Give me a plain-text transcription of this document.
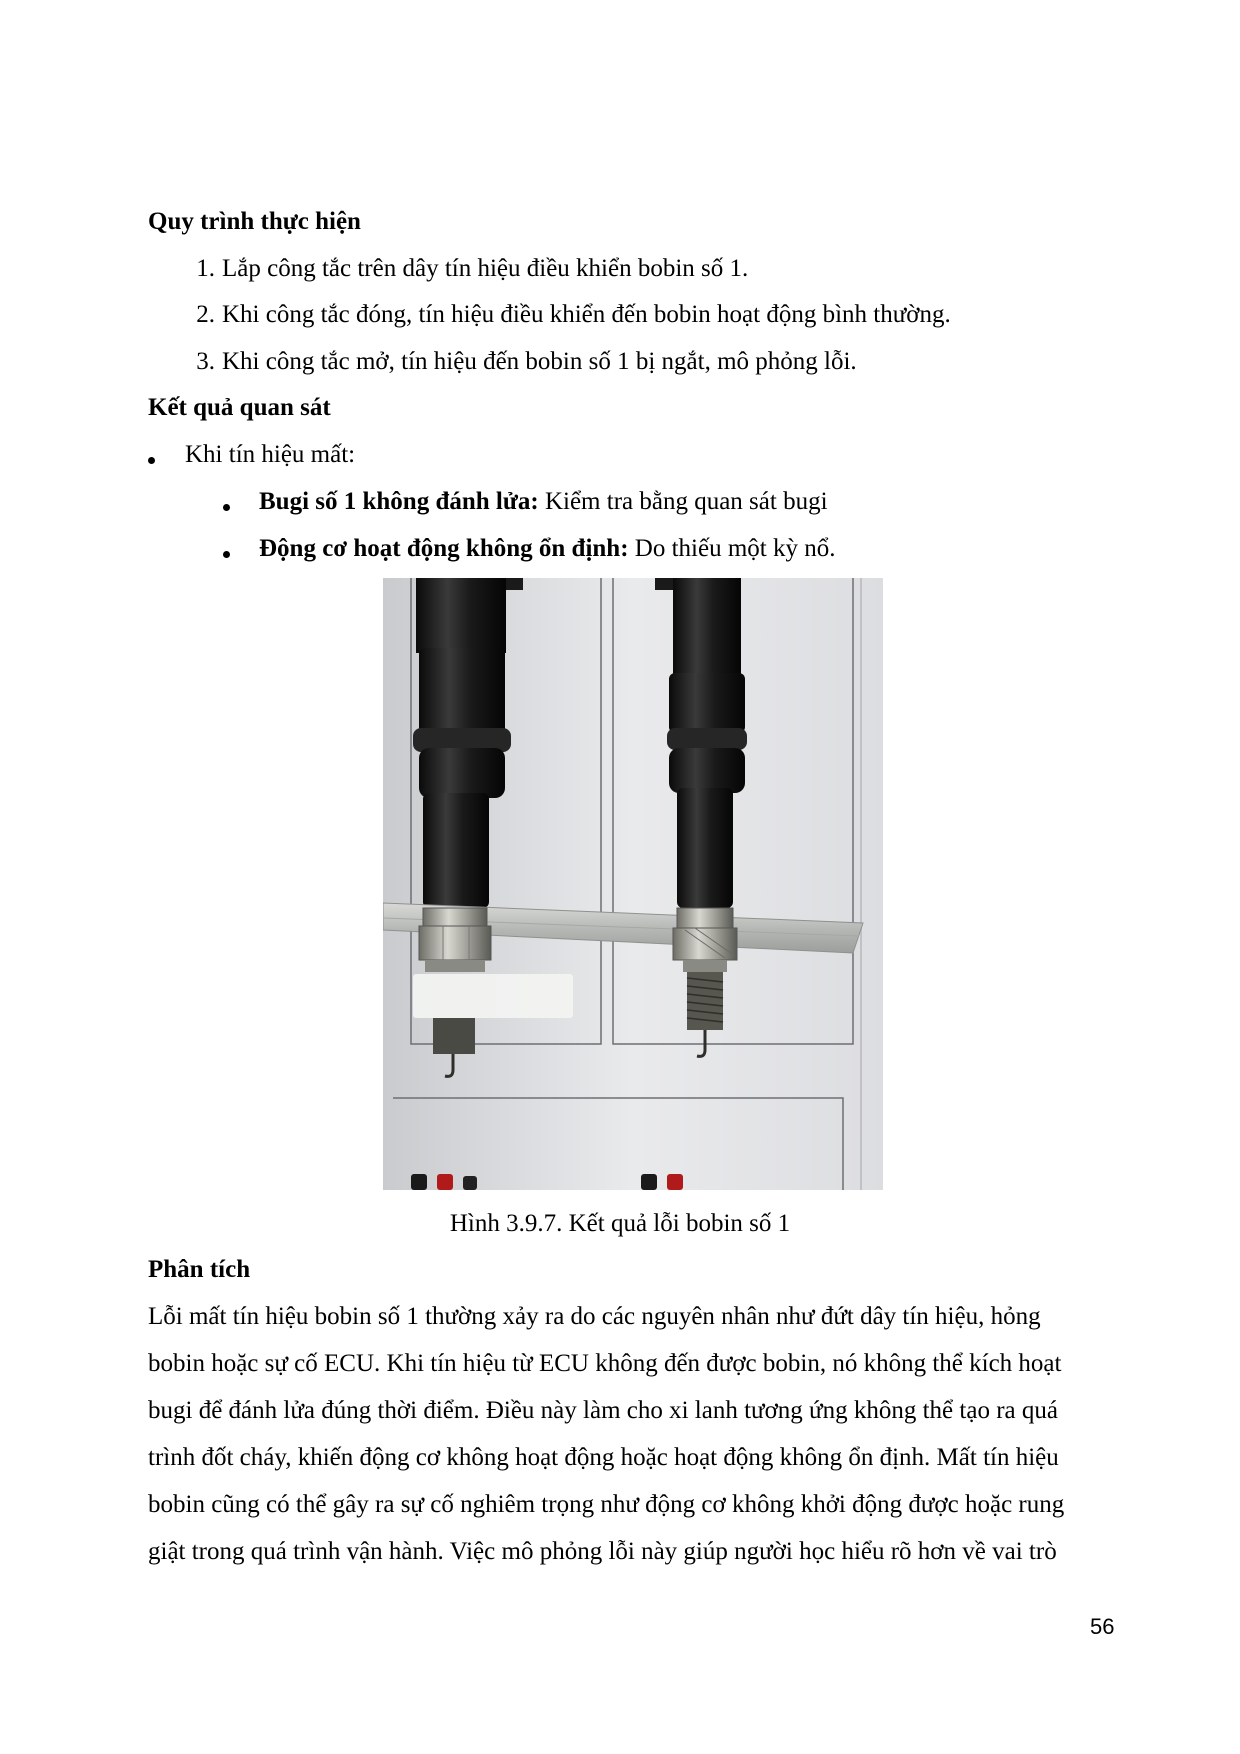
Quy trình thực hiện
1. Lắp công tắc trên dây tín hiệu điều khiển bobin số 1.
2. Khi công tắc đóng, tín hiệu điều khiển đến bobin hoạt động bình thường.
3. Khi công tắc mở, tín hiệu đến bobin số 1 bị ngắt, mô phỏng lỗi.
Kết quả quan sát
Khi tín hiệu mất:
Bugi số 1 không đánh lửa: Kiểm tra bằng quan sát bugi
Động cơ hoạt động không ổn định: Do thiếu một kỳ nổ.
Hình 3.9.7. Kết quả lỗi bobin số 1
Phân tích
Lỗi mất tín hiệu bobin số 1 thường xảy ra do các nguyên nhân như đứt dây tín hiệu, hỏng
bobin hoặc sự cố ECU. Khi tín hiệu từ ECU không đến được bobin, nó không thể kích hoạt
bugi để đánh lửa đúng thời điểm. Điều này làm cho xi lanh tương ứng không thể tạo ra quá
trình đốt cháy, khiến động cơ không hoạt động hoặc hoạt động không ổn định. Mất tín hiệu
bobin cũng có thể gây ra sự cố nghiêm trọng như động cơ không khởi động được hoặc rung
giật trong quá trình vận hành. Việc mô phỏng lỗi này giúp người học hiểu rõ hơn về vai trò
56
